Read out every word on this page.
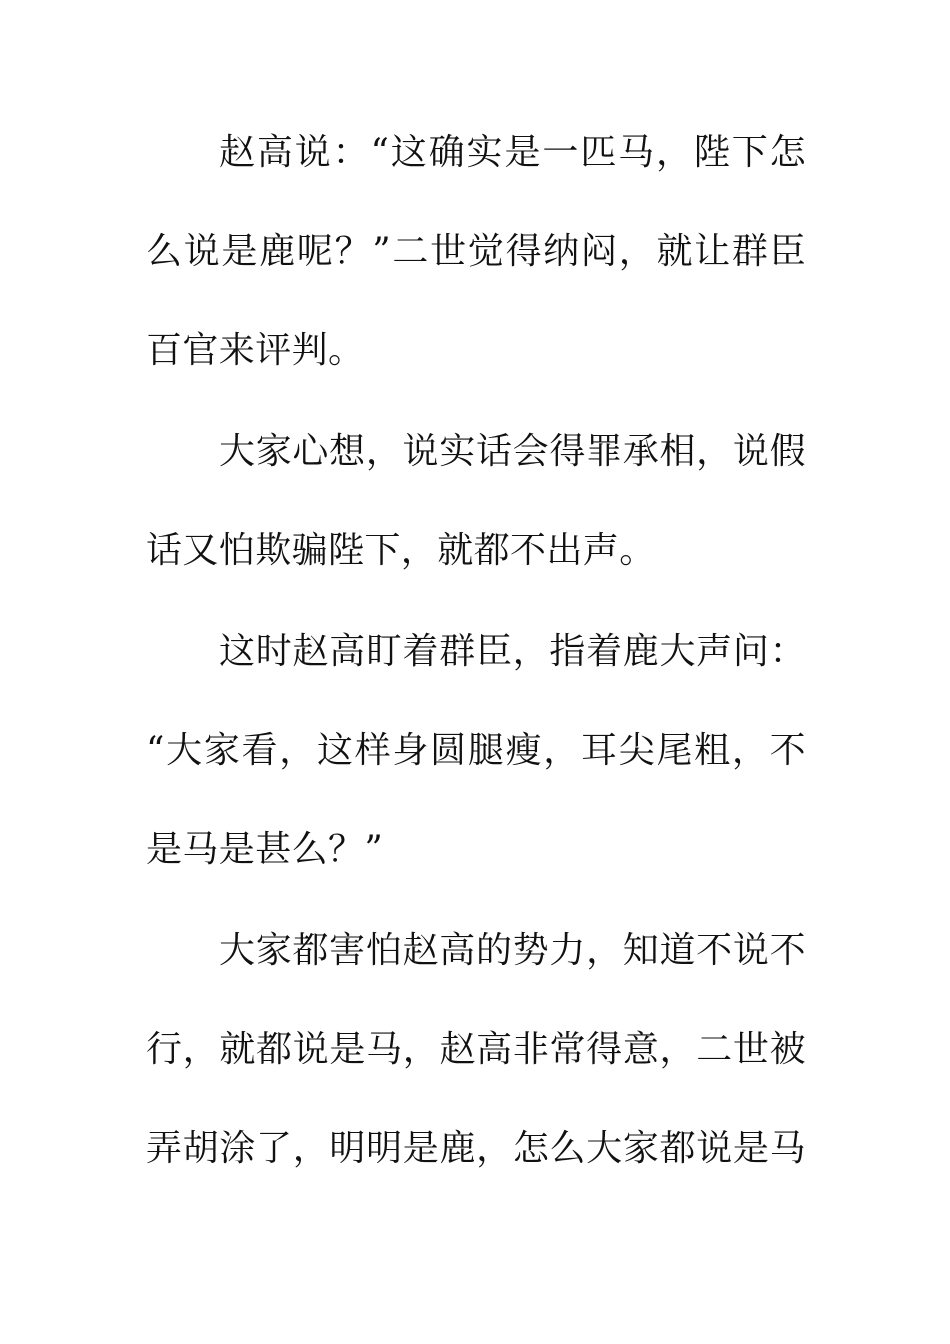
赵高说：“这确实是一匹马，陛下怎
么说是鹿呢？”二世觉得纳闷，就让群臣
百官来评判。
大家心想，说实话会得罪承相，说假
话又怕欺骗陛下，就都不出声。
这时赵高盯着群臣，指着鹿大声问：
“大家看，这样身圆腿瘦，耳尖尾粗，不
是马是甚么？”
大家都害怕赵高的势力，知道不说不
行，就都说是马，赵高非常得意，二世被
弄胡涂了，明明是鹿，怎么大家都说是马
